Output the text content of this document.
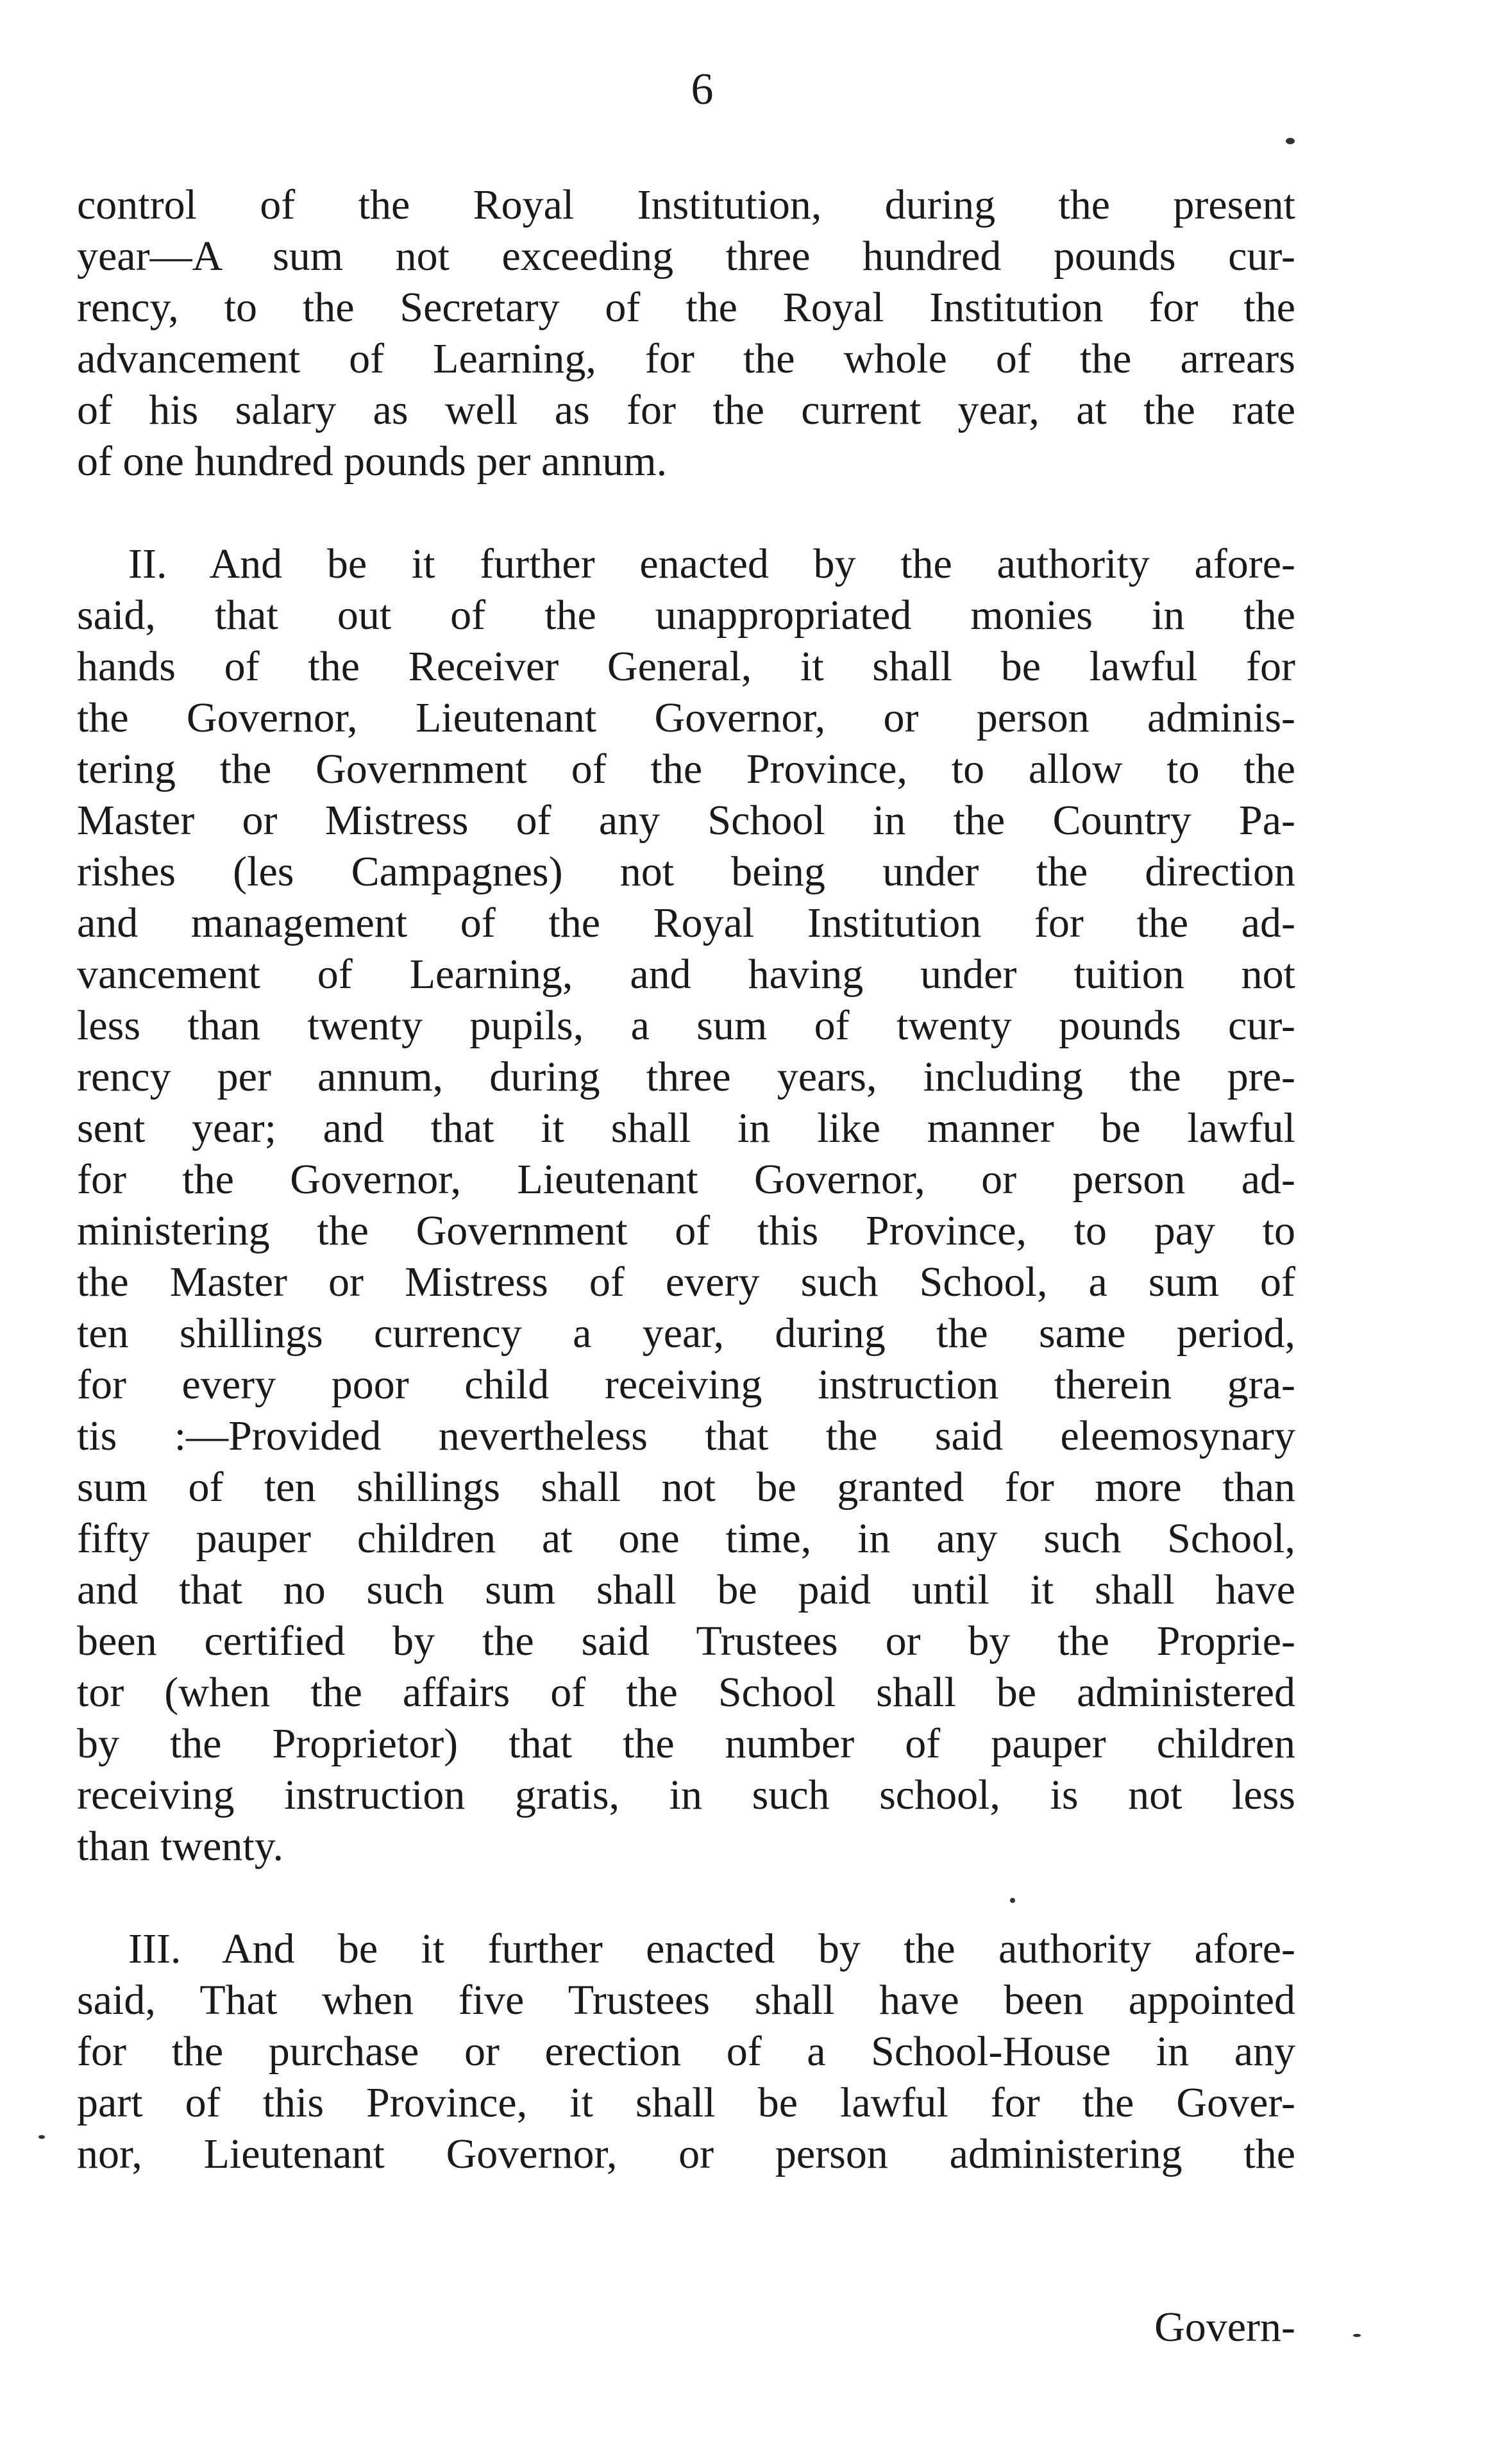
6
control of the Royal Institution, during the present
year—A sum not exceeding three hundred pounds cur-
rency, to the Secretary of the Royal Institution for the
advancement of Learning, for the whole of the arrears
of his salary as well as for the current year, at the rate
of one hundred pounds per annum.
II. And be it further enacted by the authority afore-
said, that out of the unappropriated monies in the
hands of the Receiver General, it shall be lawful for
the Governor, Lieutenant Governor, or person adminis-
tering the Government of the Province, to allow to the
Master or Mistress of any School in the Country Pa-
rishes (les Campagnes) not being under the direction
and management of the Royal Institution for the ad-
vancement of Learning, and having under tuition not
less than twenty pupils, a sum of twenty pounds cur-
rency per annum, during three years, including the pre-
sent year; and that it shall in like manner be lawful
for the Governor, Lieutenant Governor, or person ad-
ministering the Government of this Province, to pay to
the Master or Mistress of every such School, a sum of
ten shillings currency a year, during the same period,
for every poor child receiving instruction therein gra-
tis :—Provided nevertheless that the said eleemosynary
sum of ten shillings shall not be granted for more than
fifty pauper children at one time, in any such School,
and that no such sum shall be paid until it shall have
been certified by the said Trustees or by the Proprie-
tor (when the affairs of the School shall be administered
by the Proprietor) that the number of pauper children
receiving instruction gratis, in such school, is not less
than twenty.
III. And be it further enacted by the authority afore-
said, That when five Trustees shall have been appointed
for the purchase or erection of a School-House in any
part of this Province, it shall be lawful for the Gover-
nor, Lieutenant Governor, or person administering the
Govern-
